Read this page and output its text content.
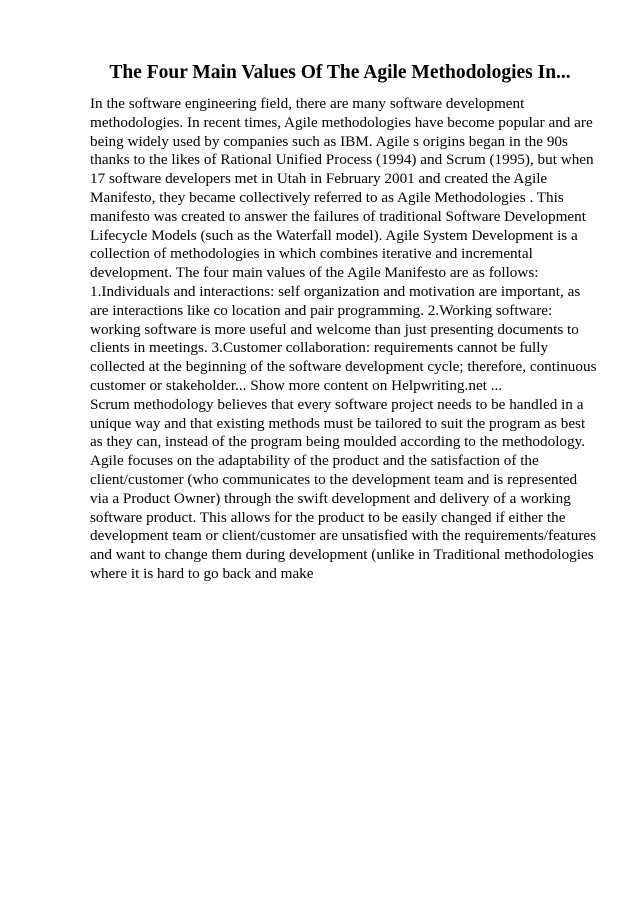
The Four Main Values Of The Agile Methodologies In...

In the software engineering field, there are many software development methodologies. In recent times, Agile methodologies have become popular and are being widely used by companies such as IBM. Agile s origins began in the 90s thanks to the likes of Rational Unified Process (1994) and Scrum (1995), but when 17 software developers met in Utah in February 2001 and created the Agile Manifesto, they became collectively referred to as Agile Methodologies . This manifesto was created to answer the failures of traditional Software Development Lifecycle Models (such as the Waterfall model). Agile System Development is a collection of methodologies in which combines iterative and incremental development. The four main values of the Agile Manifesto are as follows: 1.Individuals and interactions: self organization and motivation are important, as are interactions like co location and pair programming. 2.Working software: working software is more useful and welcome than just presenting documents to clients in meetings. 3.Customer collaboration: requirements cannot be fully collected at the beginning of the software development cycle; therefore, continuous customer or stakeholder... Show more content on Helpwriting.net ...

Scrum methodology believes that every software project needs to be handled in a unique way and that existing methods must be tailored to suit the program as best as they can, instead of the program being moulded according to the methodology. Agile focuses on the adaptability of the product and the satisfaction of the client/customer (who communicates to the development team and is represented via a Product Owner) through the swift development and delivery of a working software product. This allows for the product to be easily changed if either the development team or client/customer are unsatisfied with the requirements/features and want to change them during development (unlike in Traditional methodologies where it is hard to go back and make
